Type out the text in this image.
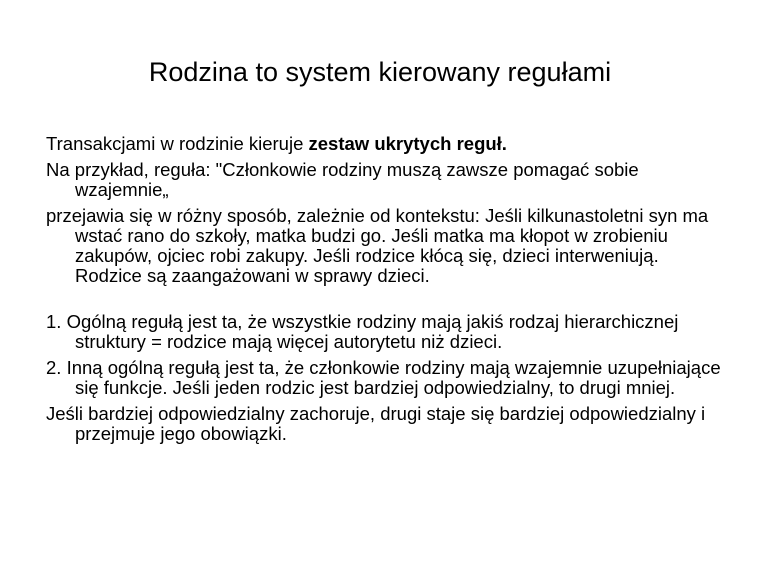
Rodzina to system kierowany regułami

Transakcjami w rodzinie kieruje zestaw ukrytych reguł.

Na przykład, reguła: "Członkowie rodziny muszą zawsze pomagać sobie wzajemnie„

przejawia się w różny sposób, zależnie od kontekstu: Jeśli kilkunastoletni syn ma wstać rano do szkoły, matka budzi go. Jeśli matka ma kłopot w zrobieniu zakupów, ojciec robi zakupy. Jeśli rodzice kłócą się, dzieci interweniują. Rodzice są zaangażowani w sprawy dzieci.

1. Ogólną regułą jest ta, że wszystkie rodziny mają jakiś rodzaj hierarchicznej struktury = rodzice mają więcej autorytetu niż dzieci.

2. Inną ogólną regułą jest ta, że członkowie rodziny mają wzajemnie uzupełniające się funkcje. Jeśli jeden rodzic jest bardziej odpowiedzialny, to drugi mniej.

Jeśli bardziej odpowiedzialny zachoruje, drugi staje się bardziej odpowiedzialny i przejmuje jego obowiązki.
